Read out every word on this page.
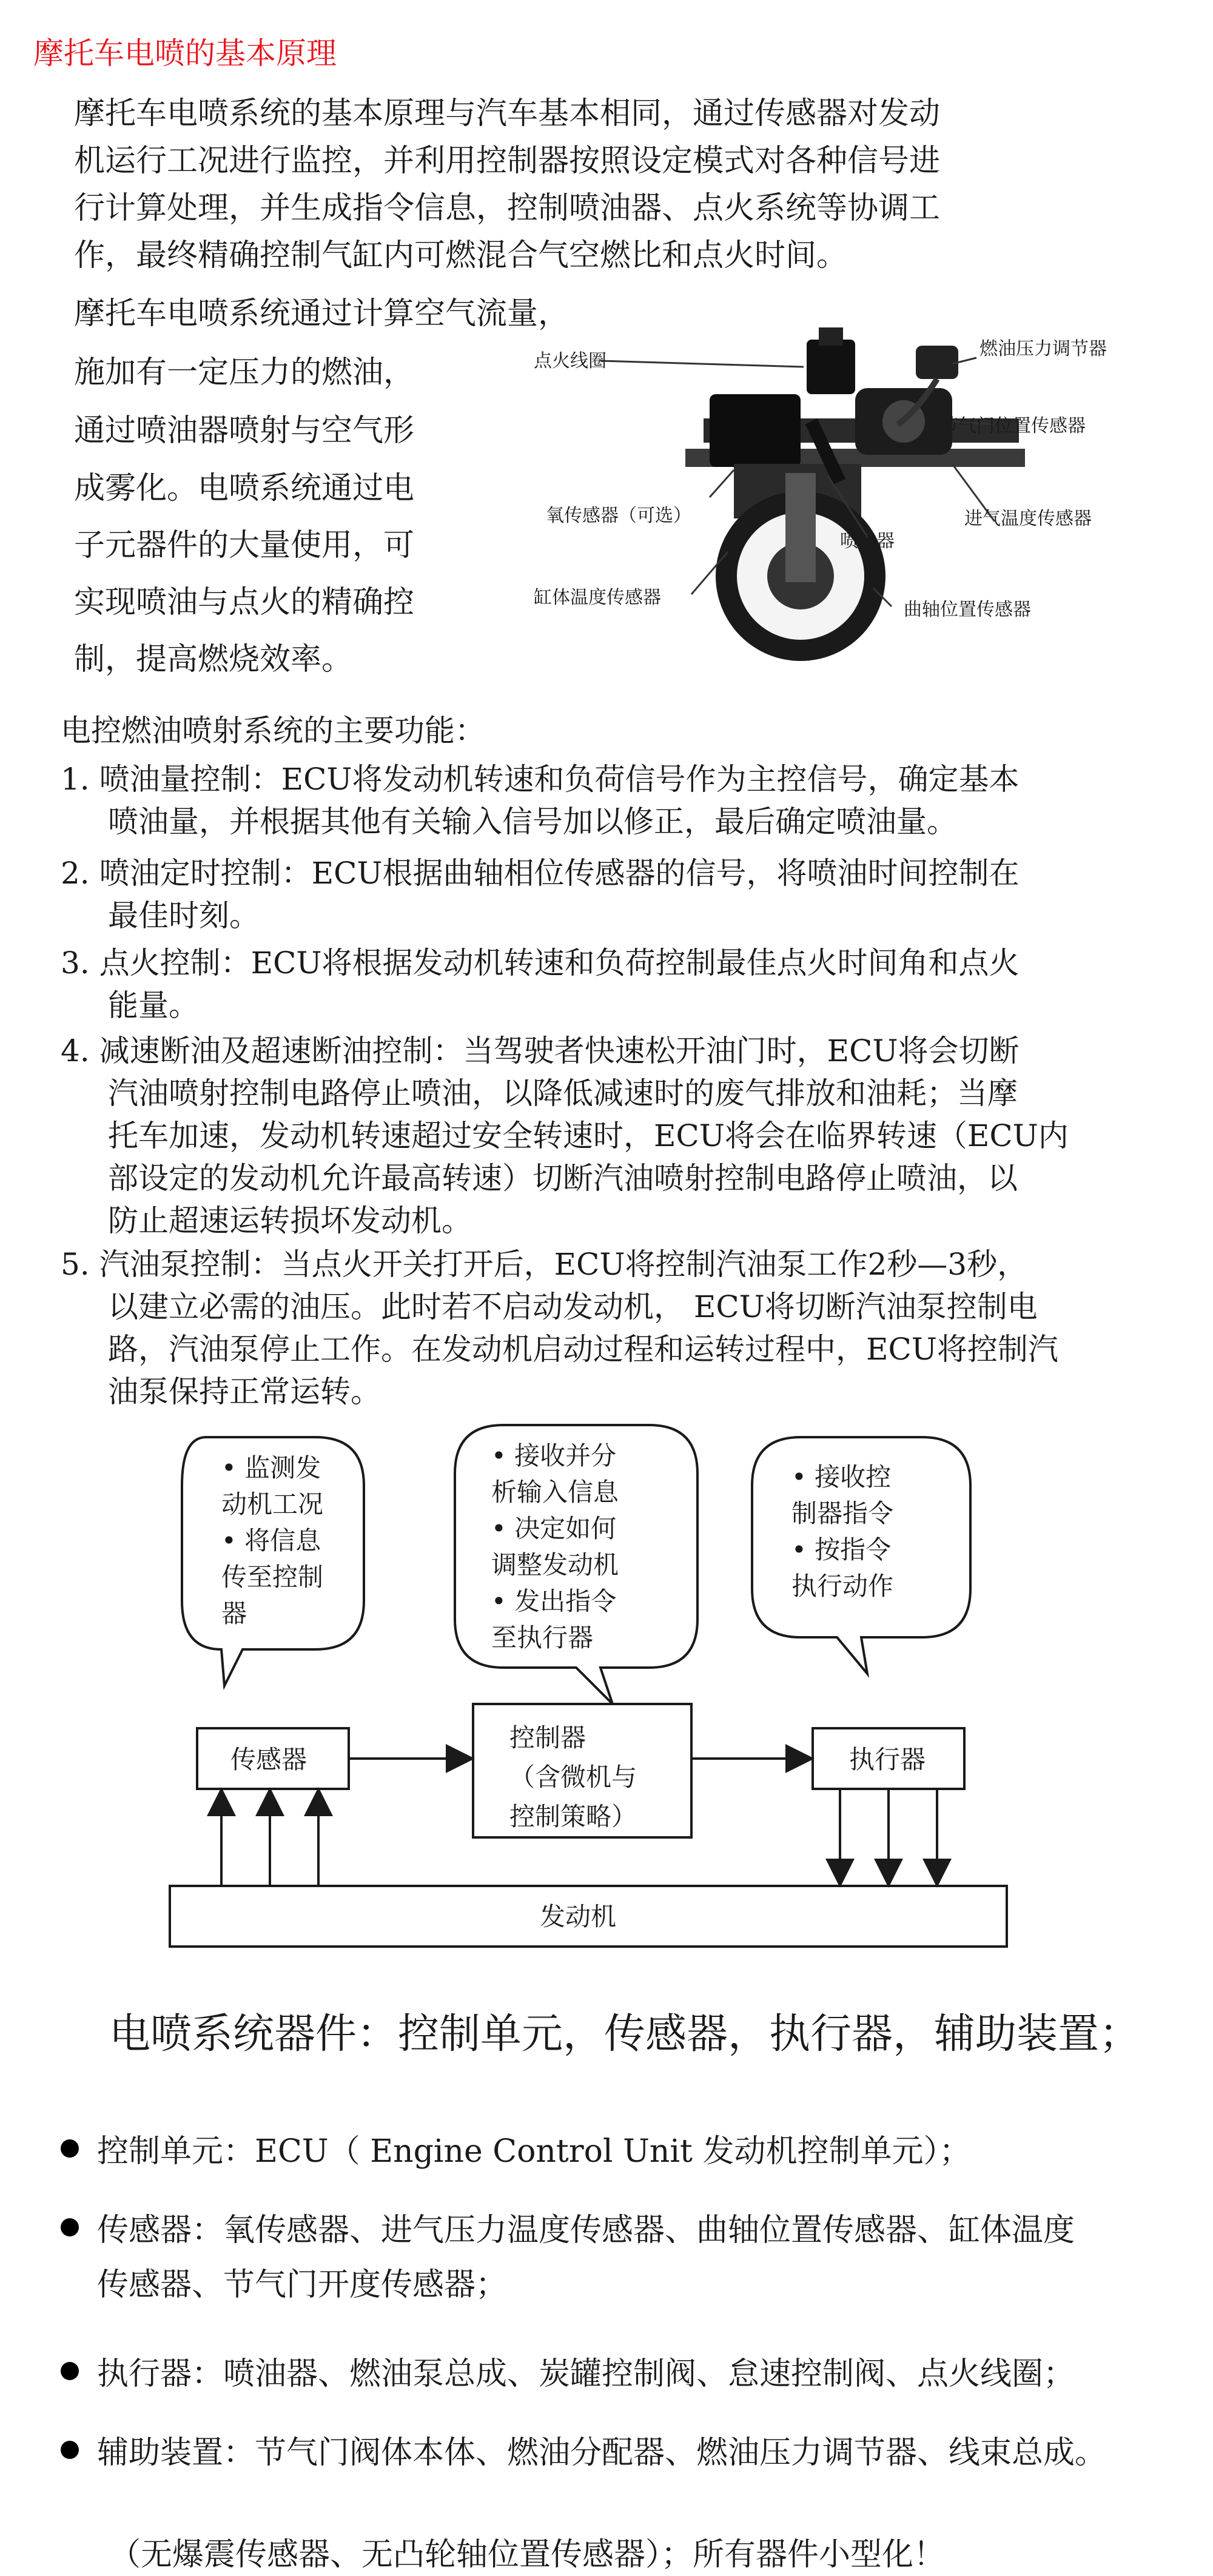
摩托车电喷的基本原理
摩托车电喷系统的基本原理与汽车基本相同，通过传感器对发动
机运行工况进行监控，并利用控制器按照设定模式对各种信号进
行计算处理，并生成指令信息，控制喷油器、点火系统等协调工
作，最终精确控制气缸内可燃混合气空燃比和点火时间。
摩托车电喷系统通过计算空气流量，
施加有一定压力的燃油，
通过喷油器喷射与空气形
成雾化。电喷系统通过电
子元器件的大量使用，可
实现喷油与点火的精确控
制，提高燃烧效率。
点火线圈
燃油压力调节器
节气门位置传感器
氧传感器（可选）	进气温度传感器
喷油器
缸体温度传感器
曲轴位置传感器
电控燃油喷射系统的主要功能：
1. 喷油量控制：ECU将发动机转速和负荷信号作为主控信号，确定基本
喷油量，并根据其他有关输入信号加以修正，最后确定喷油量。
2. 喷油定时控制：ECU根据曲轴相位传感器的信号，将喷油时间控制在
最佳时刻。
3. 点火控制：ECU将根据发动机转速和负荷控制最佳点火时间角和点火
能量。
4. 减速断油及超速断油控制：当驾驶者快速松开油门时，ECU将会切断
汽油喷射控制电路停止喷油，以降低减速时的废气排放和油耗；当摩
托车加速，发动机转速超过安全转速时，ECU将会在临界转速（ECU内
部设定的发动机允许最高转速）切断汽油喷射控制电路停止喷油，以
防止超速运转损坏发动机。
5. 汽油泵控制：当点火开关打开后，ECU将控制汽油泵工作2秒—3秒，
以建立必需的油压。此时若不启动发动机， ECU将切断汽油泵控制电
路，汽油泵停止工作。在发动机启动过程和运转过程中，ECU将控制汽
油泵保持正常运转。
• 监测发
动机工况
• 将信息
传至控制
器
• 接收并分
析输入信息
• 决定如何
调整发动机
• 发出指令
至执行器
• 接收控
制器指令
• 按指令
执行动作
传感器
控制器
（含微机与
控制策略）
执行器
发动机
电喷系统器件：控制单元，传感器，执行器，辅助装置；
控制单元：ECU（ Engine Control Unit 发动机控制单元）；
传感器：氧传感器、进气压力温度传感器、曲轴位置传感器、缸体温度
传感器、节气门开度传感器；
执行器：喷油器、燃油泵总成、炭罐控制阀、怠速控制阀、点火线圈；
辅助装置：节气门阀体本体、燃油分配器、燃油压力调节器、线束总成。
（无爆震传感器、无凸轮轴位置传感器）；所有器件小型化！
